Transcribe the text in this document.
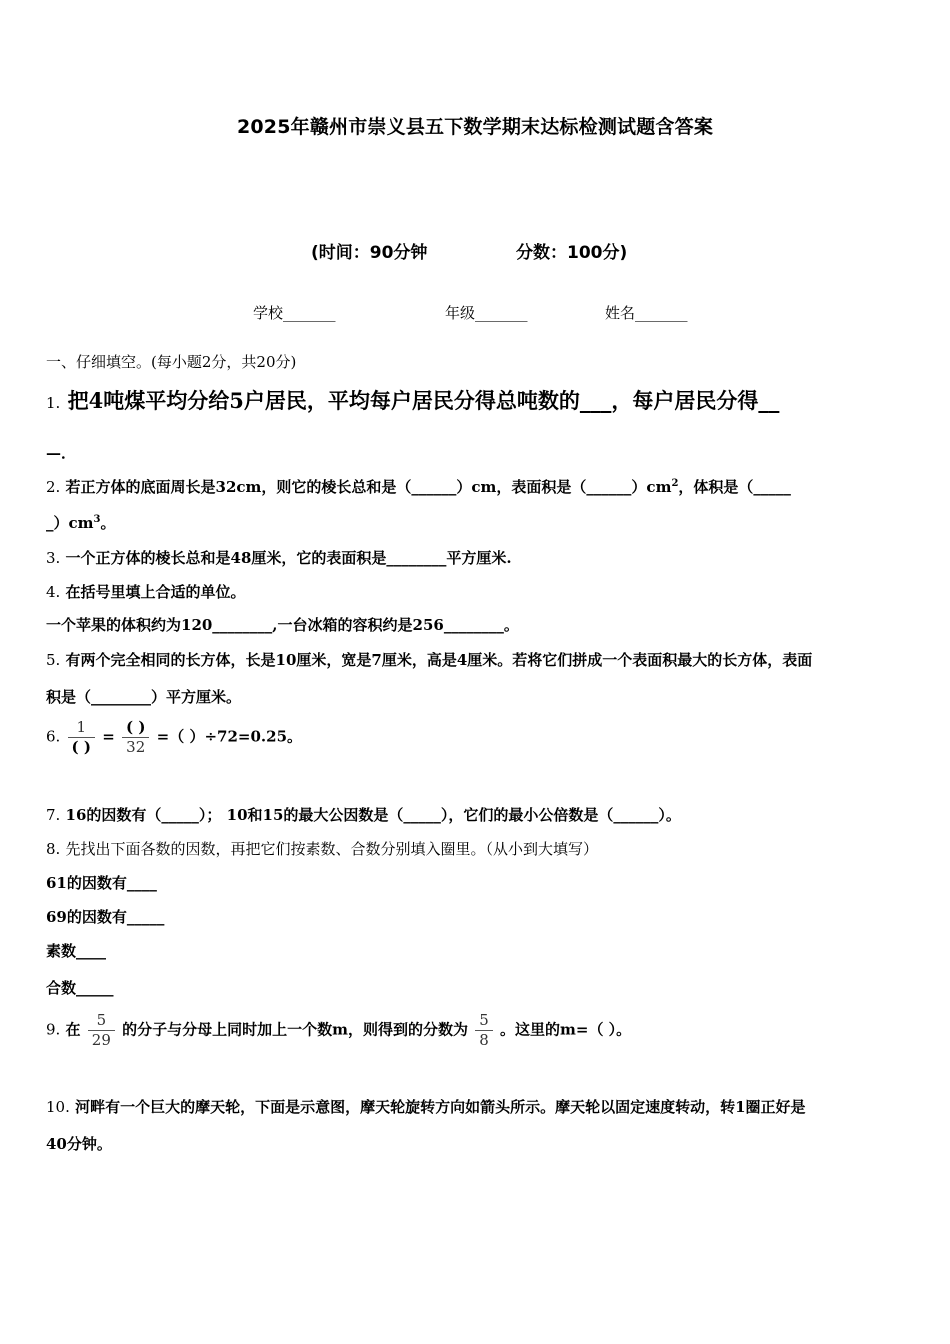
2025年赣州市崇义县五下数学期末达标检测试题含答案
(时间：90分钟	分数：100分)
学校_______	年级_______	姓名_______
一、仔细填空。(每小题2分，共20分)
1. 把4吨煤平均分给5户居民，平均每户居民分得总吨数的___，每户居民分得__
—．
2. 若正方体的底面周长是32cm，则它的棱长总和是（______）cm，表面积是$(\_\_\_\_\_\_)cm^2$，体积是（_____
$\_)cm^3$。
3. 一个正方体的棱长总和是48厘米，它的表面积是________平方厘米.
4. 在括号里填上合适的单位。
一个苹果的体积约为120________,一台冰箱的容积约是256________。
5. 有两个完全相同的长方体，长是10厘米，宽是7厘米，高是4厘米。若将它们拼成一个表面积最大的长方体，表面
积是（________）平方厘米。
6. $\frac{1}{( )} = \frac{( )}{32}$ =（ ）÷72=0.25。
7. 16的因数有（_____）； 10和15的最大公因数是（_____），它们的最小公倍数是（______）。
8. 先找出下面各数的因数，再把它们按素数、合数分别填入圈里。（从小到大填写）
61的因数有____
69的因数有_____
素数____
合数_____
9. 在 $\frac{5}{29}$ 的分子与分母上同时加上一个数m，则得到的分数为 $\frac{5}{8}$ 。这里的m=（ ）。
10. 河畔有一个巨大的摩天轮，下面是示意图，摩天轮旋转方向如箭头所示。摩天轮以固定速度转动，转1圈正好是
40分钟。
